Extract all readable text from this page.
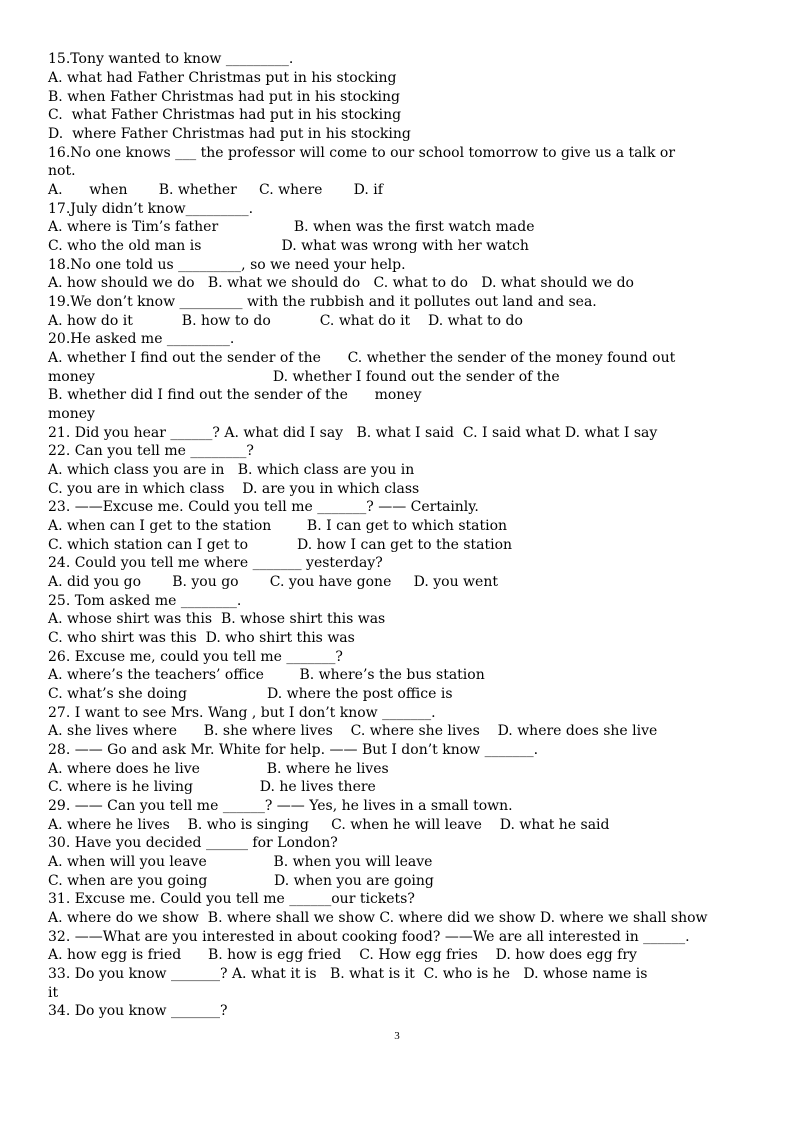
15.Tony wanted to know _________.
A. what had Father Christmas put in his stocking
B. when Father Christmas had put in his stocking
C.  what Father Christmas had put in his stocking
D.  where Father Christmas had put in his stocking
16.No one knows ___ the professor will come to our school tomorrow to give us a talk or
not.
A.      when       B. whether     C. where       D. if
17.July didn’t know_________.
A. where is Tim’s father                 B. when was the first watch made
C. who the old man is                  D. what was wrong with her watch
18.No one told us _________, so we need your help.
A. how should we do   B. what we should do   C. what to do   D. what should we do
19.We don’t know _________ with the rubbish and it pollutes out land and sea.
A. how do it           B. how to do           C. what do it    D. what to do
20.He asked me _________.
A. whether I find out the sender of the      C. whether the sender of the money found out
money                                        D. whether I found out the sender of the
B. whether did I find out the sender of the      money
money
21. Did you hear ______? A. what did I say   B. what I said  C. I said what D. what I say
22. Can you tell me ________?
A. which class you are in   B. which class are you in
C. you are in which class    D. are you in which class
23. ——Excuse me. Could you tell me _______? —— Certainly.
A. when can I get to the station        B. I can get to which station
C. which station can I get to           D. how I can get to the station
24. Could you tell me where _______ yesterday?
A. did you go       B. you go       C. you have gone     D. you went
25. Tom asked me ________.
A. whose shirt was this  B. whose shirt this was
C. who shirt was this  D. who shirt this was
26. Excuse me, could you tell me _______?
A. where’s the teachers’ office        B. where’s the bus station
C. what’s she doing                  D. where the post office is
27. I want to see Mrs. Wang , but I don’t know _______.
A. she lives where      B. she where lives    C. where she lives    D. where does she live
28. —— Go and ask Mr. White for help. —— But I don’t know _______.
A. where does he live               B. where he lives
C. where is he living               D. he lives there
29. —— Can you tell me ______? —— Yes, he lives in a small town.
A. where he lives    B. who is singing     C. when he will leave    D. what he said
30. Have you decided ______ for London?
A. when will you leave               B. when you will leave
C. when are you going               D. when you are going
31. Excuse me. Could you tell me ______our tickets?
A. where do we show  B. where shall we show C. where did we show D. where we shall show
32. ——What are you interested in about cooking food? ——We are all interested in ______.
A. how egg is fried      B. how is egg fried    C. How egg fries    D. how does egg fry
33. Do you know _______? A. what it is   B. what is it  C. who is he   D. whose name is
it
34. Do you know _______?
3
